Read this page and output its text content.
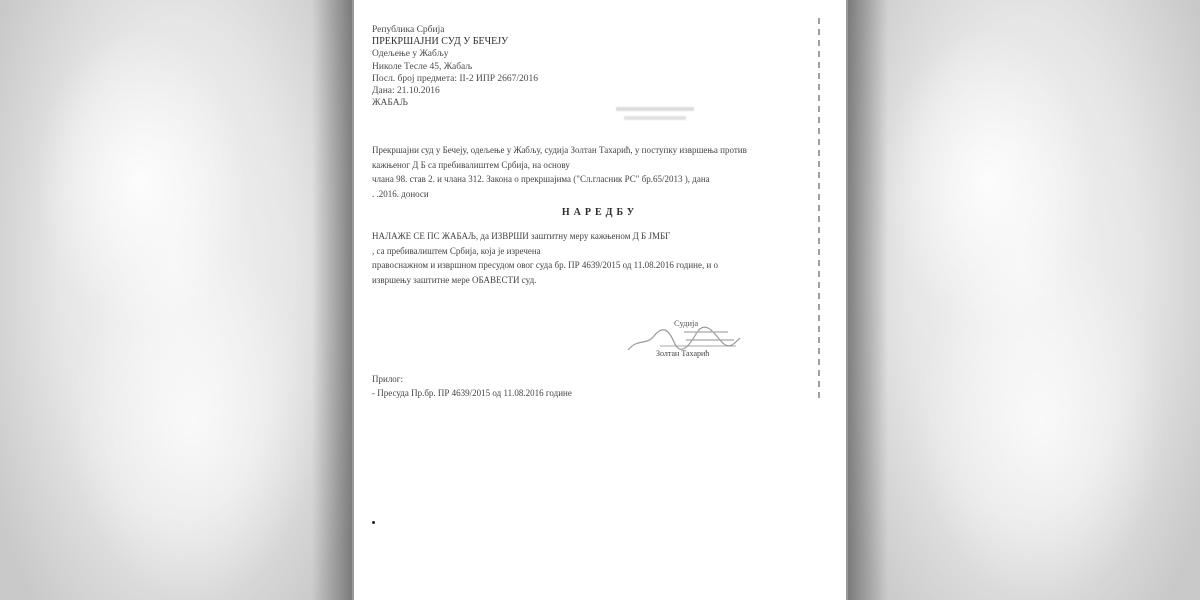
Република Србија
ПРЕКРШАЈНИ СУД У БЕЧЕЈУ
Одељење у Жабљу
Николе Тесле 45, Жабаљ
Посл. број предмета: II-2 ИПР 2667/2016
Дана: 21.10.2016
ЖАБАЉ
Прекршајни суд у Бечеју, одељење у Жабљу, судија Золтан Тахарић, у поступку извршења против
кажњеног Д Б са пребивалиштем Србија, на основу
члана 98. став 2. и члана 312. Закона о прекршајима ("Сл.гласник РС" бр.65/2013 ), дана
. .2016. доноси
НАРЕДБУ
НАЛАЖЕ СЕ ПС ЖАБАЉ, да ИЗВРШИ заштитну меру кажњеном Д Б ЈМБГ
, са пребивалиштем Србија, која је изречена
правоснажном и извршном пресудом овог суда бр. ПР 4639/2015 од 11.08.2016 године, и о
извршењу заштитне мере ОБАВЕСТИ суд.
Судија
Золтан Тахарић
Прилог:
- Пресуда Пр.бр. ПР 4639/2015 од 11.08.2016 године
